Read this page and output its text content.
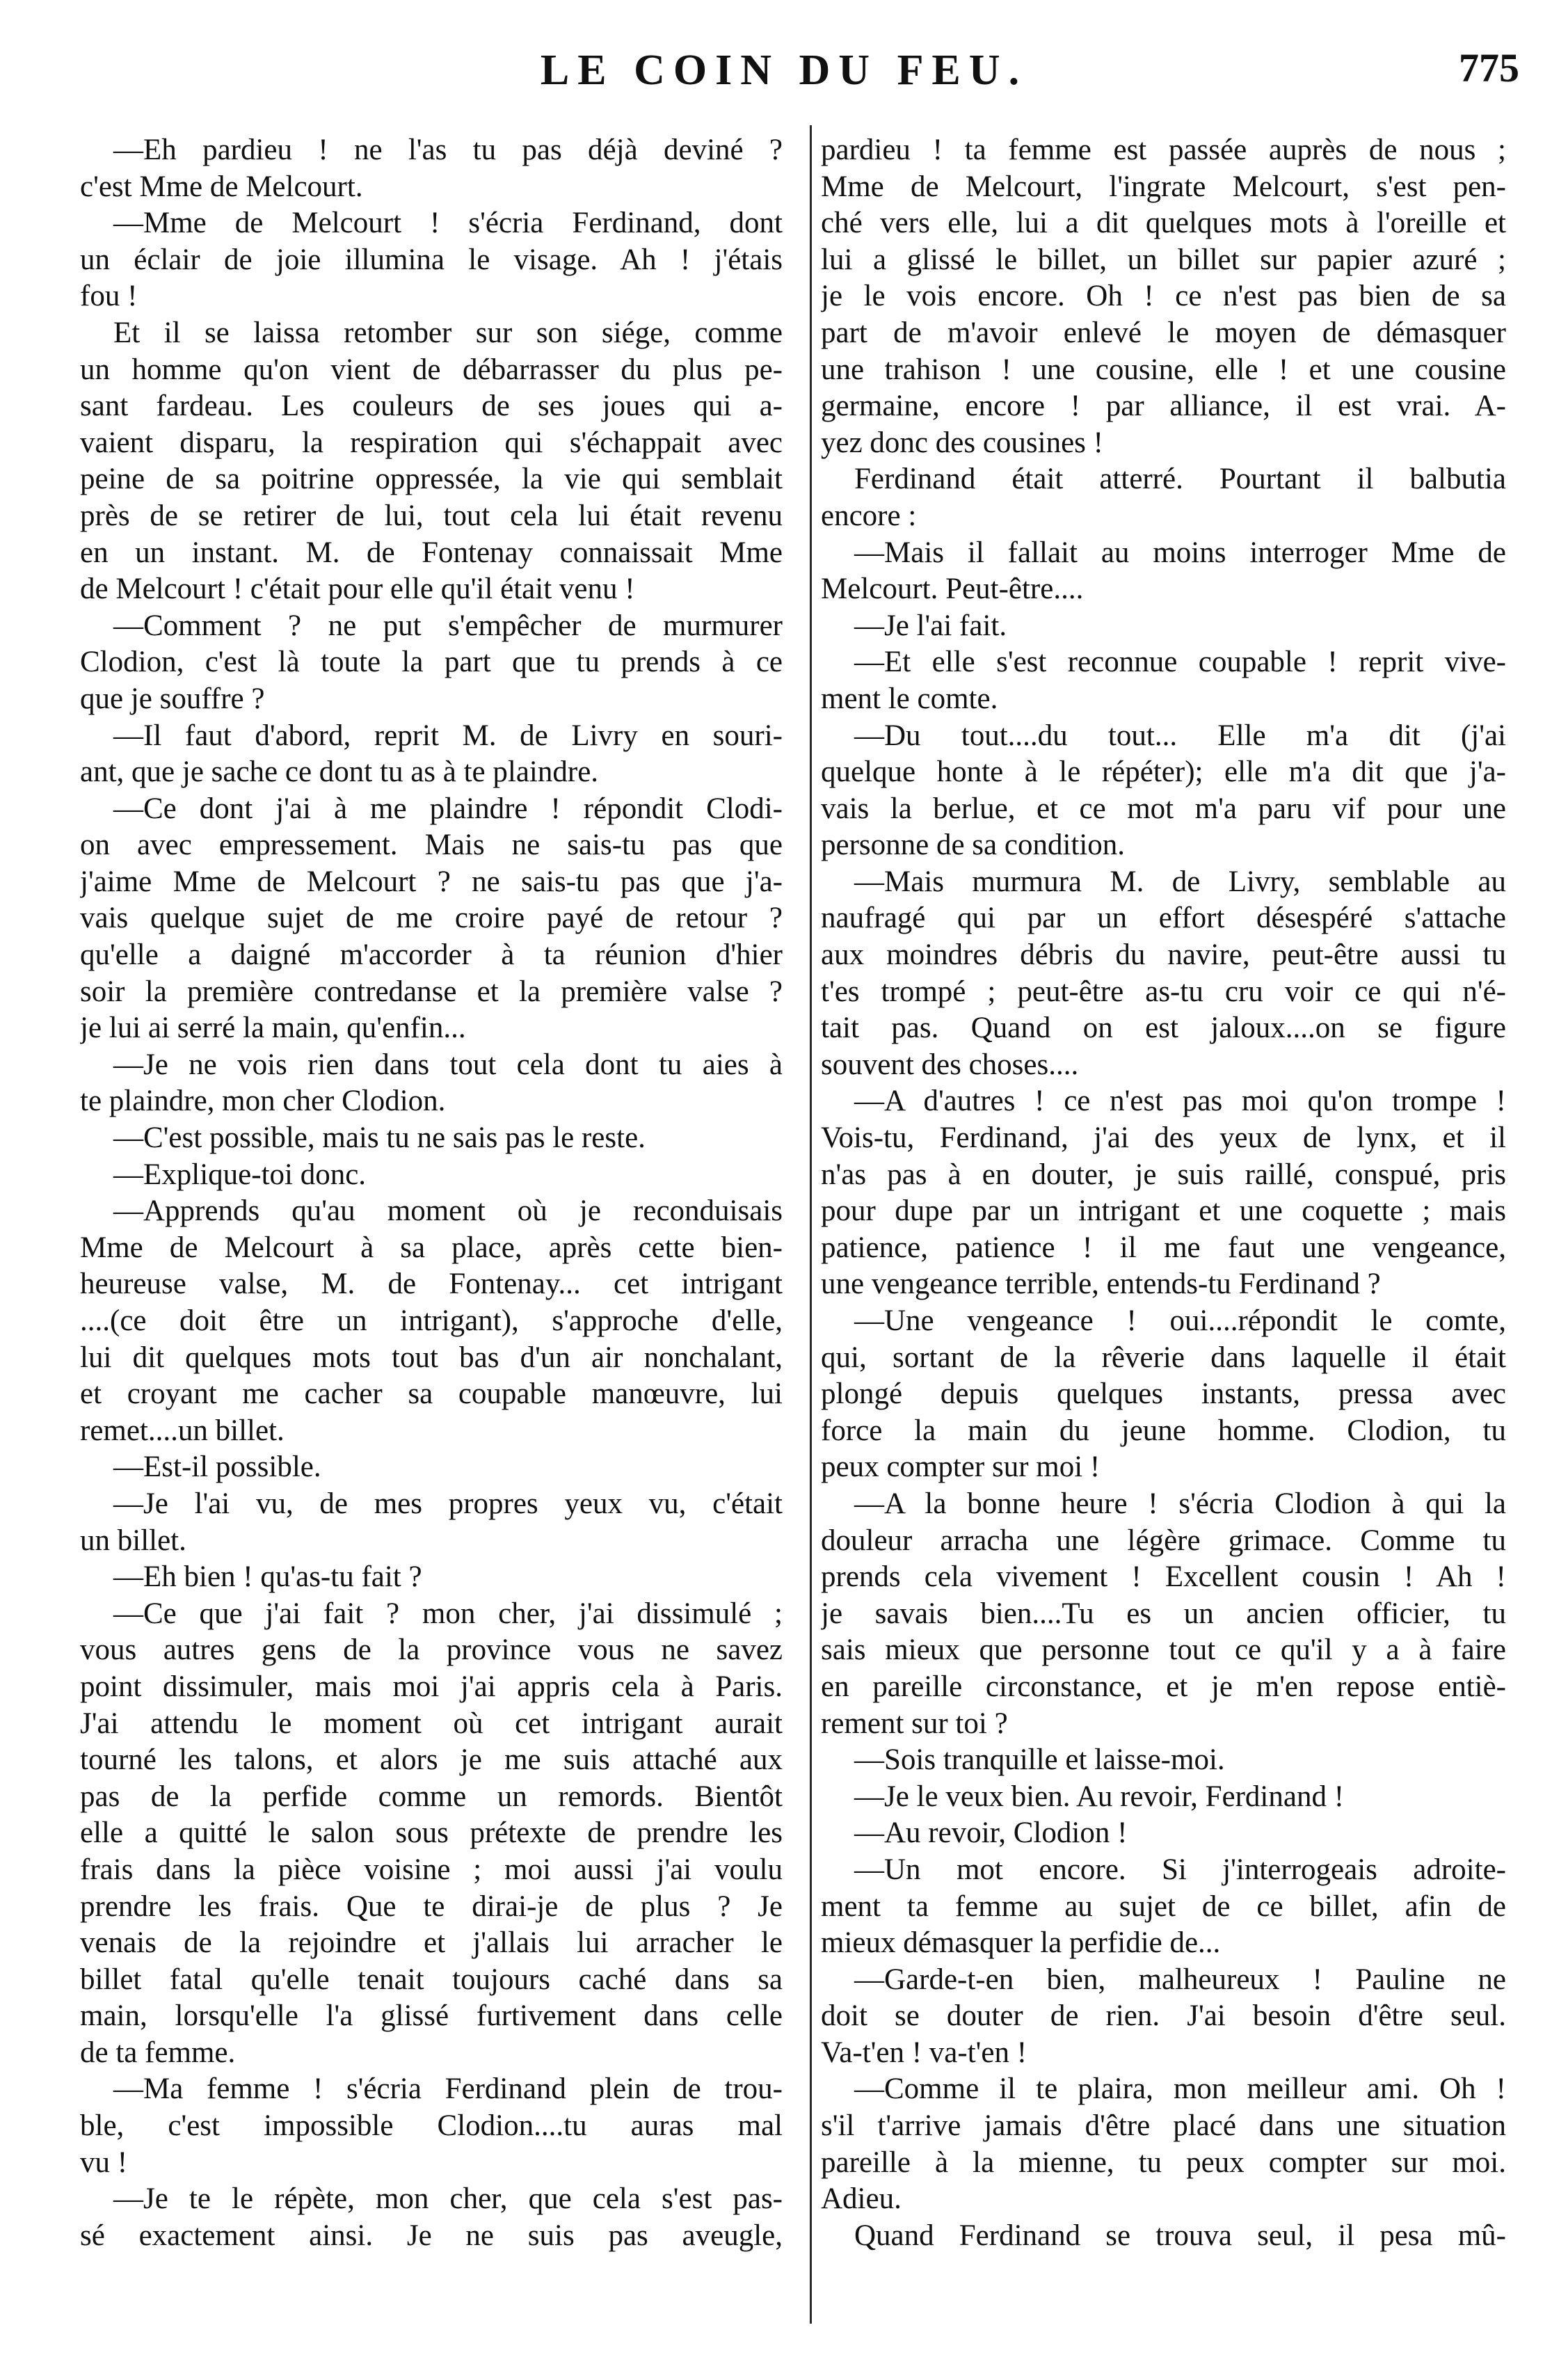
LE COIN DU FEU.	775
—Eh pardieu ! ne l'as tu pas déjà deviné ?
c'est Mme de Melcourt.
—Mme de Melcourt ! s'écria Ferdinand, dont
un éclair de joie illumina le visage. Ah ! j'étais
fou !
Et il se laissa retomber sur son siége, comme
un homme qu'on vient de débarrasser du plus pe-
sant fardeau. Les couleurs de ses joues qui a-
vaient disparu, la respiration qui s'échappait avec
peine de sa poitrine oppressée, la vie qui semblait
près de se retirer de lui, tout cela lui était revenu
en un instant. M. de Fontenay connaissait Mme
de Melcourt ! c'était pour elle qu'il était venu !
—Comment ? ne put s'empêcher de murmurer
Clodion, c'est là toute la part que tu prends à ce
que je souffre ?
—Il faut d'abord, reprit M. de Livry en souri-
ant, que je sache ce dont tu as à te plaindre.
—Ce dont j'ai à me plaindre ! répondit Clodi-
on avec empressement. Mais ne sais-tu pas que
j'aime Mme de Melcourt ? ne sais-tu pas que j'a-
vais quelque sujet de me croire payé de retour ?
qu'elle a daigné m'accorder à ta réunion d'hier
soir la première contredanse et la première valse ?
je lui ai serré la main, qu'enfin...
—Je ne vois rien dans tout cela dont tu aies à
te plaindre, mon cher Clodion.
—C'est possible, mais tu ne sais pas le reste.
—Explique-toi donc.
—Apprends qu'au moment où je reconduisais
Mme de Melcourt à sa place, après cette bien-
heureuse valse, M. de Fontenay... cet intrigant
....(ce doit être un intrigant), s'approche d'elle,
lui dit quelques mots tout bas d'un air nonchalant,
et croyant me cacher sa coupable manœuvre, lui
remet....un billet.
—Est-il possible.
—Je l'ai vu, de mes propres yeux vu, c'était
un billet.
—Eh bien ! qu'as-tu fait ?
—Ce que j'ai fait ? mon cher, j'ai dissimulé ;
vous autres gens de la province vous ne savez
point dissimuler, mais moi j'ai appris cela à Paris.
J'ai attendu le moment où cet intrigant aurait
tourné les talons, et alors je me suis attaché aux
pas de la perfide comme un remords. Bientôt
elle a quitté le salon sous prétexte de prendre les
frais dans la pièce voisine ; moi aussi j'ai voulu
prendre les frais. Que te dirai-je de plus ? Je
venais de la rejoindre et j'allais lui arracher le
billet fatal qu'elle tenait toujours caché dans sa
main, lorsqu'elle l'a glissé furtivement dans celle
de ta femme.
—Ma femme ! s'écria Ferdinand plein de trou-
ble, c'est impossible Clodion....tu auras mal
vu !
—Je te le répète, mon cher, que cela s'est pas-
sé exactement ainsi. Je ne suis pas aveugle,
pardieu ! ta femme est passée auprès de nous ;
Mme de Melcourt, l'ingrate Melcourt, s'est pen-
ché vers elle, lui a dit quelques mots à l'oreille et
lui a glissé le billet, un billet sur papier azuré ;
je le vois encore. Oh ! ce n'est pas bien de sa
part de m'avoir enlevé le moyen de démasquer
une trahison ! une cousine, elle ! et une cousine
germaine, encore ! par alliance, il est vrai. A-
yez donc des cousines !
Ferdinand était atterré. Pourtant il balbutia
encore :
—Mais il fallait au moins interroger Mme de
Melcourt. Peut-être....
—Je l'ai fait.
—Et elle s'est reconnue coupable ! reprit vive-
ment le comte.
—Du tout....du tout... Elle m'a dit (j'ai
quelque honte à le répéter); elle m'a dit que j'a-
vais la berlue, et ce mot m'a paru vif pour une
personne de sa condition.
—Mais murmura M. de Livry, semblable au
naufragé qui par un effort désespéré s'attache
aux moindres débris du navire, peut-être aussi tu
t'es trompé ; peut-être as-tu cru voir ce qui n'é-
tait pas. Quand on est jaloux....on se figure
souvent des choses....
—A d'autres ! ce n'est pas moi qu'on trompe !
Vois-tu, Ferdinand, j'ai des yeux de lynx, et il
n'as pas à en douter, je suis raillé, conspué, pris
pour dupe par un intrigant et une coquette ; mais
patience, patience ! il me faut une vengeance,
une vengeance terrible, entends-tu Ferdinand ?
—Une vengeance ! oui....répondit le comte,
qui, sortant de la rêverie dans laquelle il était
plongé depuis quelques instants, pressa avec
force la main du jeune homme. Clodion, tu
peux compter sur moi !
—A la bonne heure ! s'écria Clodion à qui la
douleur arracha une légère grimace. Comme tu
prends cela vivement ! Excellent cousin ! Ah !
je savais bien....Tu es un ancien officier, tu
sais mieux que personne tout ce qu'il y a à faire
en pareille circonstance, et je m'en repose entiè-
rement sur toi ?
—Sois tranquille et laisse-moi.
—Je le veux bien. Au revoir, Ferdinand !
—Au revoir, Clodion !
—Un mot encore. Si j'interrogeais adroite-
ment ta femme au sujet de ce billet, afin de
mieux démasquer la perfidie de...
—Garde-t-en bien, malheureux ! Pauline ne
doit se douter de rien. J'ai besoin d'être seul.
Va-t'en ! va-t'en !
—Comme il te plaira, mon meilleur ami. Oh !
s'il t'arrive jamais d'être placé dans une situation
pareille à la mienne, tu peux compter sur moi.
Adieu.
Quand Ferdinand se trouva seul, il pesa mû-
